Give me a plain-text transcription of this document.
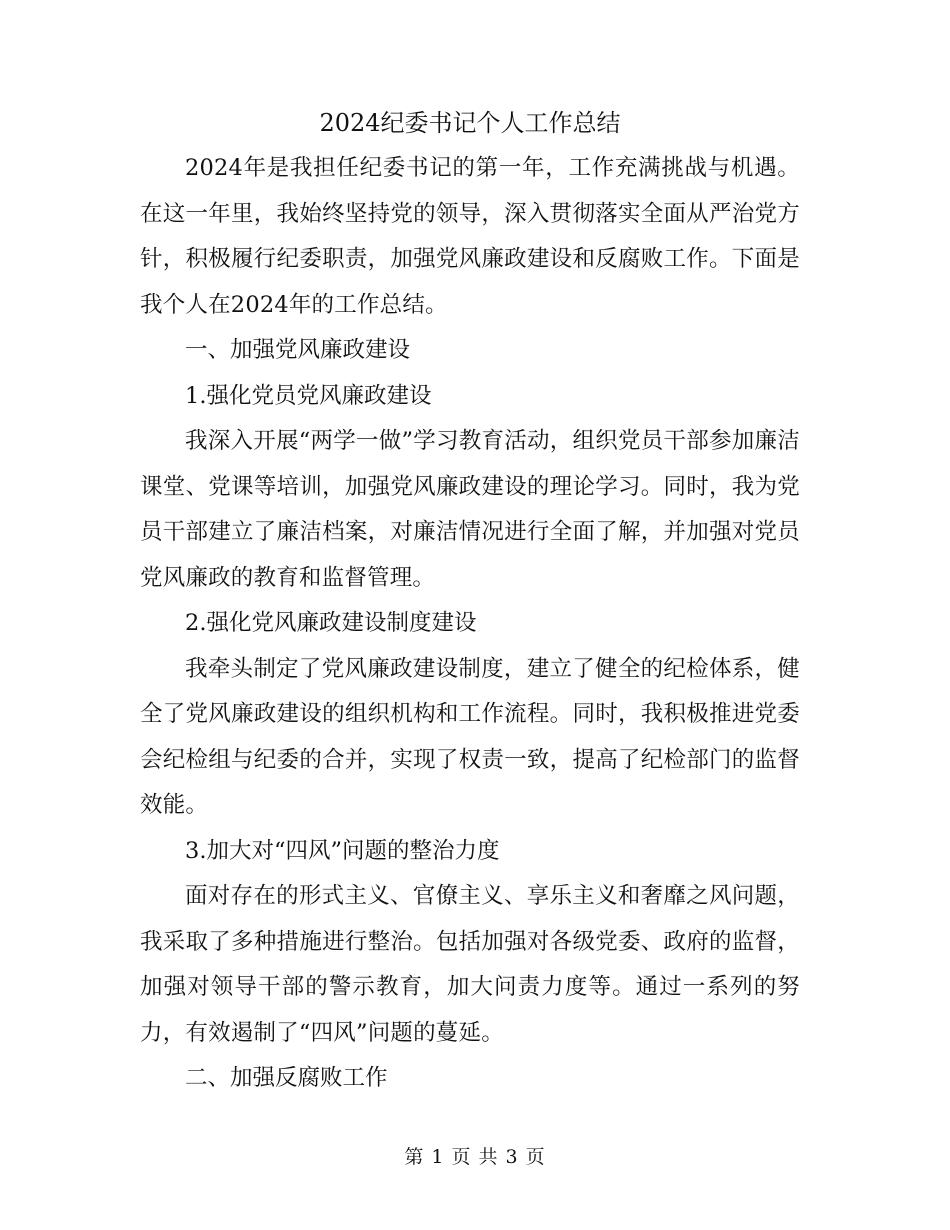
2024纪委书记个人工作总结

2024年是我担任纪委书记的第一年，工作充满挑战与机遇。在这一年里，我始终坚持党的领导，深入贯彻落实全面从严治党方针，积极履行纪委职责，加强党风廉政建设和反腐败工作。下面是我个人在2024年的工作总结。

一、加强党风廉政建设

1.强化党员党风廉政建设

我深入开展“两学一做”学习教育活动，组织党员干部参加廉洁课堂、党课等培训，加强党风廉政建设的理论学习。同时，我为党员干部建立了廉洁档案，对廉洁情况进行全面了解，并加强对党员党风廉政的教育和监督管理。

2.强化党风廉政建设制度建设

我牵头制定了党风廉政建设制度，建立了健全的纪检体系，健全了党风廉政建设的组织机构和工作流程。同时，我积极推进党委会纪检组与纪委的合并，实现了权责一致，提高了纪检部门的监督效能。

3.加大对“四风”问题的整治力度

面对存在的形式主义、官僚主义、享乐主义和奢靡之风问题，我采取了多种措施进行整治。包括加强对各级党委、政府的监督，加强对领导干部的警示教育，加大问责力度等。通过一系列的努力，有效遏制了“四风”问题的蔓延。

二、加强反腐败工作

第 1 页 共 3 页
